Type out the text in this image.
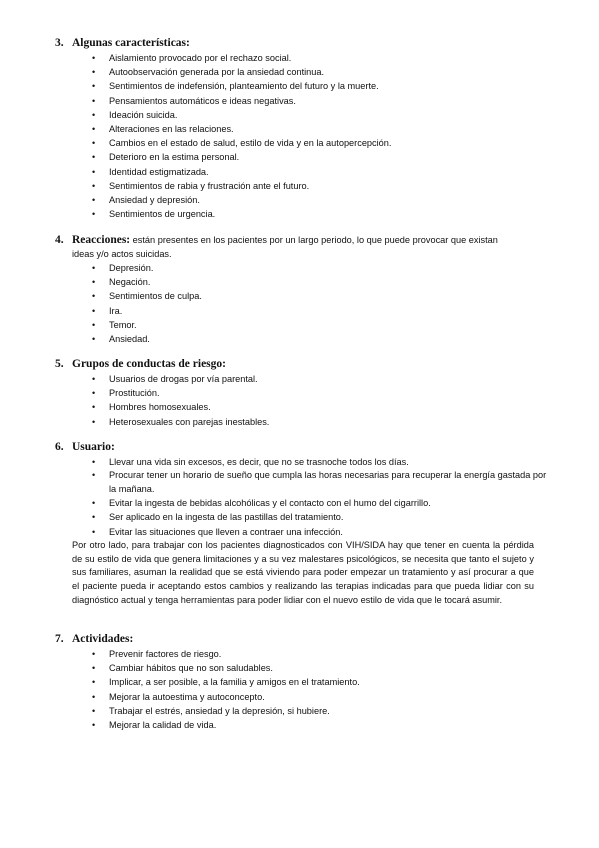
3. Algunas características:
• Aislamiento provocado por el rechazo social.
• Autoobservación generada por la ansiedad continua.
• Sentimientos de indefensión, planteamiento del futuro y la muerte.
• Pensamientos automáticos e ideas negativas.
• Ideación suicida.
• Alteraciones en las relaciones.
• Cambios en el estado de salud, estilo de vida y en la autopercepción.
• Deterioro en la estima personal.
• Identidad estigmatizada.
• Sentimientos de rabia y frustración ante el futuro.
• Ansiedad y depresión.
• Sentimientos de urgencia.
4. Reacciones: están presentes en los pacientes por un largo periodo, lo que puede provocar que existan
ideas y/o actos suicidas.
• Depresión.
• Negación.
• Sentimientos de culpa.
• Ira.
• Temor.
• Ansiedad.
5. Grupos de conductas de riesgo:
• Usuarios de drogas por vía parental.
• Prostitución.
• Hombres homosexuales.
• Heterosexuales con parejas inestables.
6. Usuario:
• Llevar una vida sin excesos, es decir, que no se trasnoche todos los días.
• Procurar tener un horario de sueño que cumpla las horas necesarias para recuperar la energía gastada por la mañana.
• Evitar la ingesta de bebidas alcohólicas y el contacto con el humo del cigarrillo.
• Ser aplicado en la ingesta de las pastillas del tratamiento.
• Evitar las situaciones que lleven a contraer una infección.
Por otro lado, para trabajar con los pacientes diagnosticados con VIH/SIDA hay que tener en cuenta la pérdida de su estilo de vida que genera limitaciones y a su vez malestares psicológicos, se necesita que tanto el sujeto y sus familiares, asuman la realidad que se está viviendo para poder empezar un tratamiento y así procurar a que el paciente pueda ir aceptando estos cambios y realizando las terapias indicadas para que pueda lidiar con su diagnóstico actual y tenga herramientas para poder lidiar con el nuevo estilo de vida que le tocará asumir.
7. Actividades:
• Prevenir factores de riesgo.
• Cambiar hábitos que no son saludables.
• Implicar, a ser posible, a la familia y amigos en el tratamiento.
• Mejorar la autoestima y autoconcepto.
• Trabajar el estrés, ansiedad y la depresión, si hubiere.
• Mejorar la calidad de vida.
